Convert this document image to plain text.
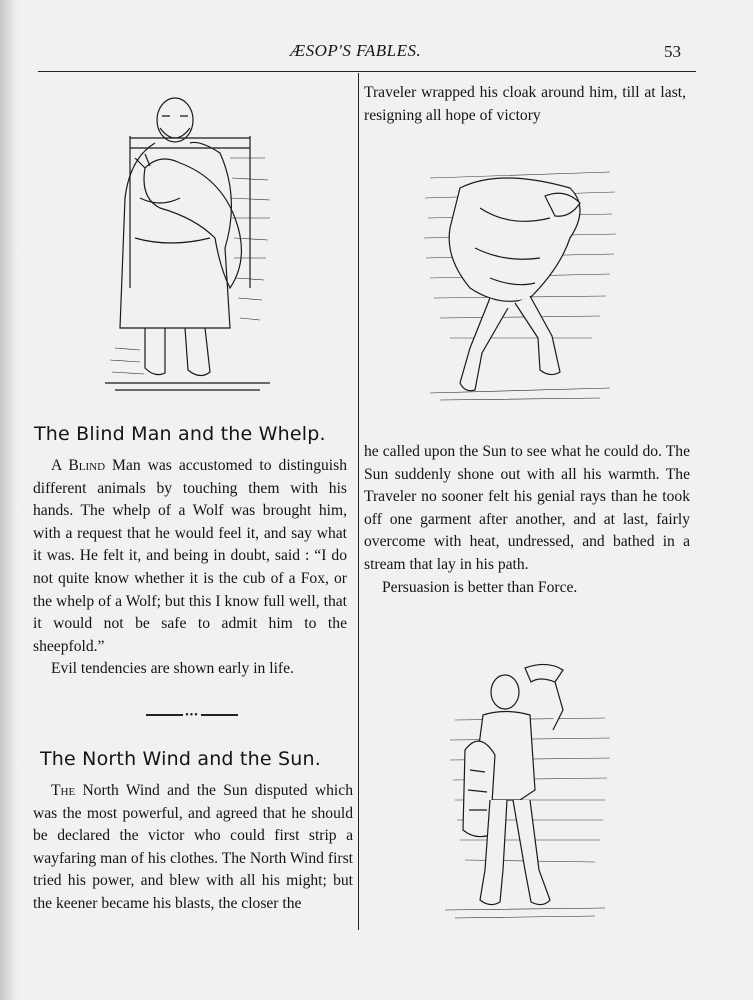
ÆSOP'S FABLES.	53
The Blind Man and the Whelp.

A Blind Man was accustomed to distinguish different animals by touching them with his hands. The whelp of a Wolf was brought him, with a request that he would feel it, and say what it was. He felt it, and being in doubt, said : “I do not quite know whether it is the cub of a Fox, or the whelp of a Wolf; but this I know full well, that it would not be safe to admit him to the sheepfold.”

Evil tendencies are shown early in life.

•••
The North Wind and the Sun.

The North Wind and the Sun disputed which was the most powerful, and agreed that he should be declared the victor who could first strip a wayfaring man of his clothes. The North Wind first tried his power, and blew with all his might; but the keener became his blasts, the closer the

Traveler wrapped his cloak around him, till at last, resigning all hope of victory

he called upon the Sun to see what he could do. The Sun suddenly shone out with all his warmth. The Traveler no sooner felt his genial rays than he took off one garment after another, and at last, fairly overcome with heat, undressed, and bathed in a stream that lay in his path.

Persuasion is better than Force.
